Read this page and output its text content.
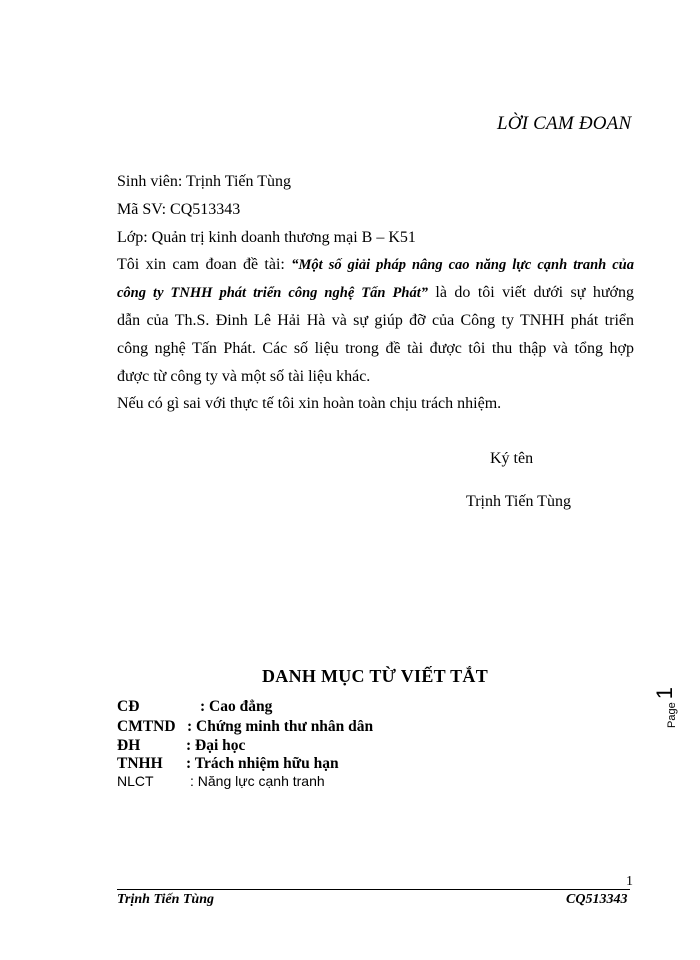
LỜI CAM ĐOAN
Sinh viên: Trịnh Tiến Tùng
Mã SV: CQ513343
Lớp: Quản trị kinh doanh thương mại B – K51
Tôi xin cam đoan đề tài: “Một số giải pháp nâng cao năng lực cạnh tranh của
công ty TNHH phát triển công nghệ Tấn Phát” là do tôi viết dưới sự hướng
dẫn của Th.S. Đinh Lê Hải Hà và sự giúp đỡ của Công ty TNHH phát triển
công nghệ Tấn Phát. Các số liệu trong đề tài được tôi thu thập và tổng hợp
được từ công ty và một số tài liệu khác.
Nếu có gì sai với thực tế tôi xin hoàn toàn chịu trách nhiệm.
Ký tên
Trịnh Tiến Tùng
DANH MỤC TỪ VIẾT TẮT
CĐ	: Cao đẳng
CMTND : Chứng minh thư nhân dân
ĐH	: Đại học
TNHH : Trách nhiệm hữu hạn
NLCT	: Năng lực cạnh tranh
Page1
1
Trịnh Tiến Tùng	CQ513343
